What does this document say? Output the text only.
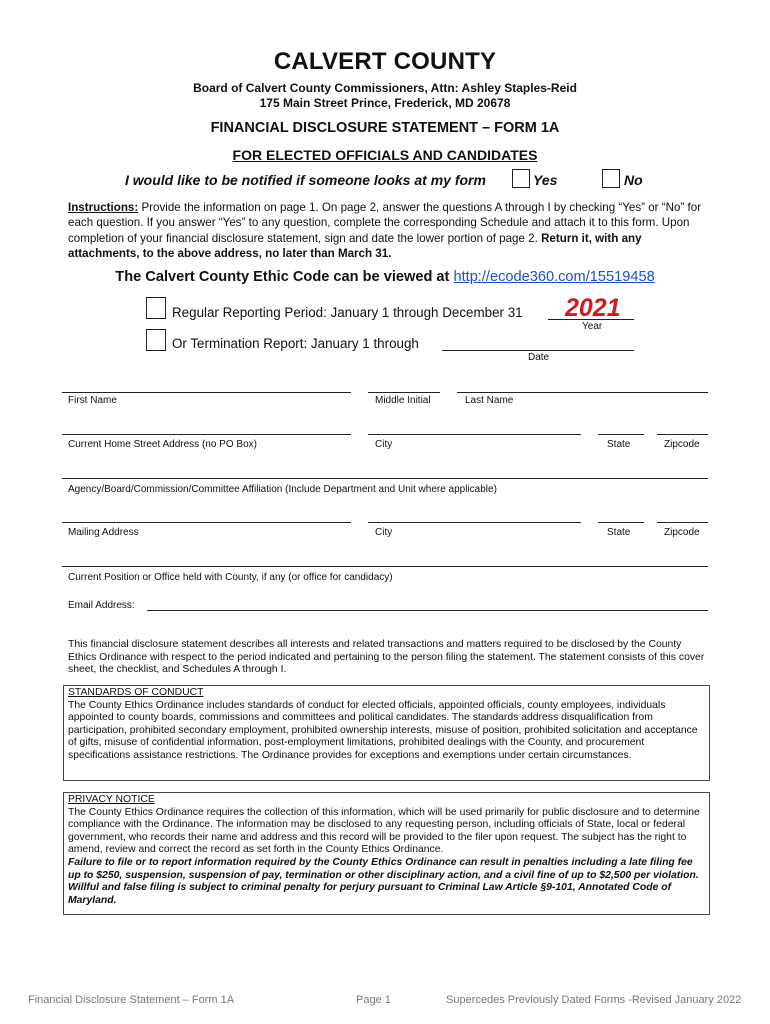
CALVERT COUNTY
Board of Calvert County Commissioners, Attn: Ashley Staples-Reid
175 Main Street Prince, Frederick, MD 20678
FINANCIAL DISCLOSURE STATEMENT – FORM 1A
FOR ELECTED OFFICIALS AND CANDIDATES
I would like to be notified if someone looks at my form	Yes	No
Instructions: Provide the information on page 1. On page 2, answer the questions A through I by checking “Yes” or “No” for each question. If you answer “Yes” to any question, complete the corresponding Schedule and attach it to this form. Upon completion of your financial disclosure statement, sign and date the lower portion of page 2. Return it, with any attachments, to the above address, no later than March 31.
The Calvert County Ethic Code can be viewed at http://ecode360.com/15519458
Regular Reporting Period: January 1 through December 31 2021
Year
Or Termination Report: January 1 through
Date
First Name	Middle Initial	Last Name
Current Home Street Address (no PO Box)	City	State	Zipcode
Agency/Board/Commission/Committee Affiliation (Include Department and Unit where applicable)
Mailing Address	City	State	Zipcode
Current Position or Office held with County, if any (or office for candidacy)
Email Address:
This financial disclosure statement describes all interests and related transactions and matters required to be disclosed by the County Ethics Ordinance with respect to the period indicated and pertaining to the person filing the statement. The statement consists of this cover sheet, the checklist, and Schedules A through I.
STANDARDS OF CONDUCT
The County Ethics Ordinance includes standards of conduct for elected officials, appointed officials, county employees, individuals appointed to county boards, commissions and committees and political candidates. The standards address disqualification from participation, prohibited secondary employment, prohibited ownership interests, misuse of position, prohibited solicitation and acceptance of gifts, misuse of confidential information, post-employment limitations, prohibited dealings with the County, and procurement specifications assistance restrictions. The Ordinance provides for exceptions and exemptions under certain circumstances.
PRIVACY NOTICE
The County Ethics Ordinance requires the collection of this information, which will be used primarily for public disclosure and to determine compliance with the Ordinance. The information may be disclosed to any requesting person, including officials of State, local or federal government, who records their name and address and this record will be provided to the filer upon request. The subject has the right to amend, review and correct the record as set forth in the County Ethics Ordinance.
Failure to file or to report information required by the County Ethics Ordinance can result in penalties including a late filing fee up to $250, suspension, suspension of pay, termination or other disciplinary action, and a civil fine of up to $2,500 per violation. Willful and false filing is subject to criminal penalty for perjury pursuant to Criminal Law Article §9-101, Annotated Code of Maryland.
Financial Disclosure Statement – Form 1A	Page 1	Supercedes Previously Dated Forms -Revised January 2022
